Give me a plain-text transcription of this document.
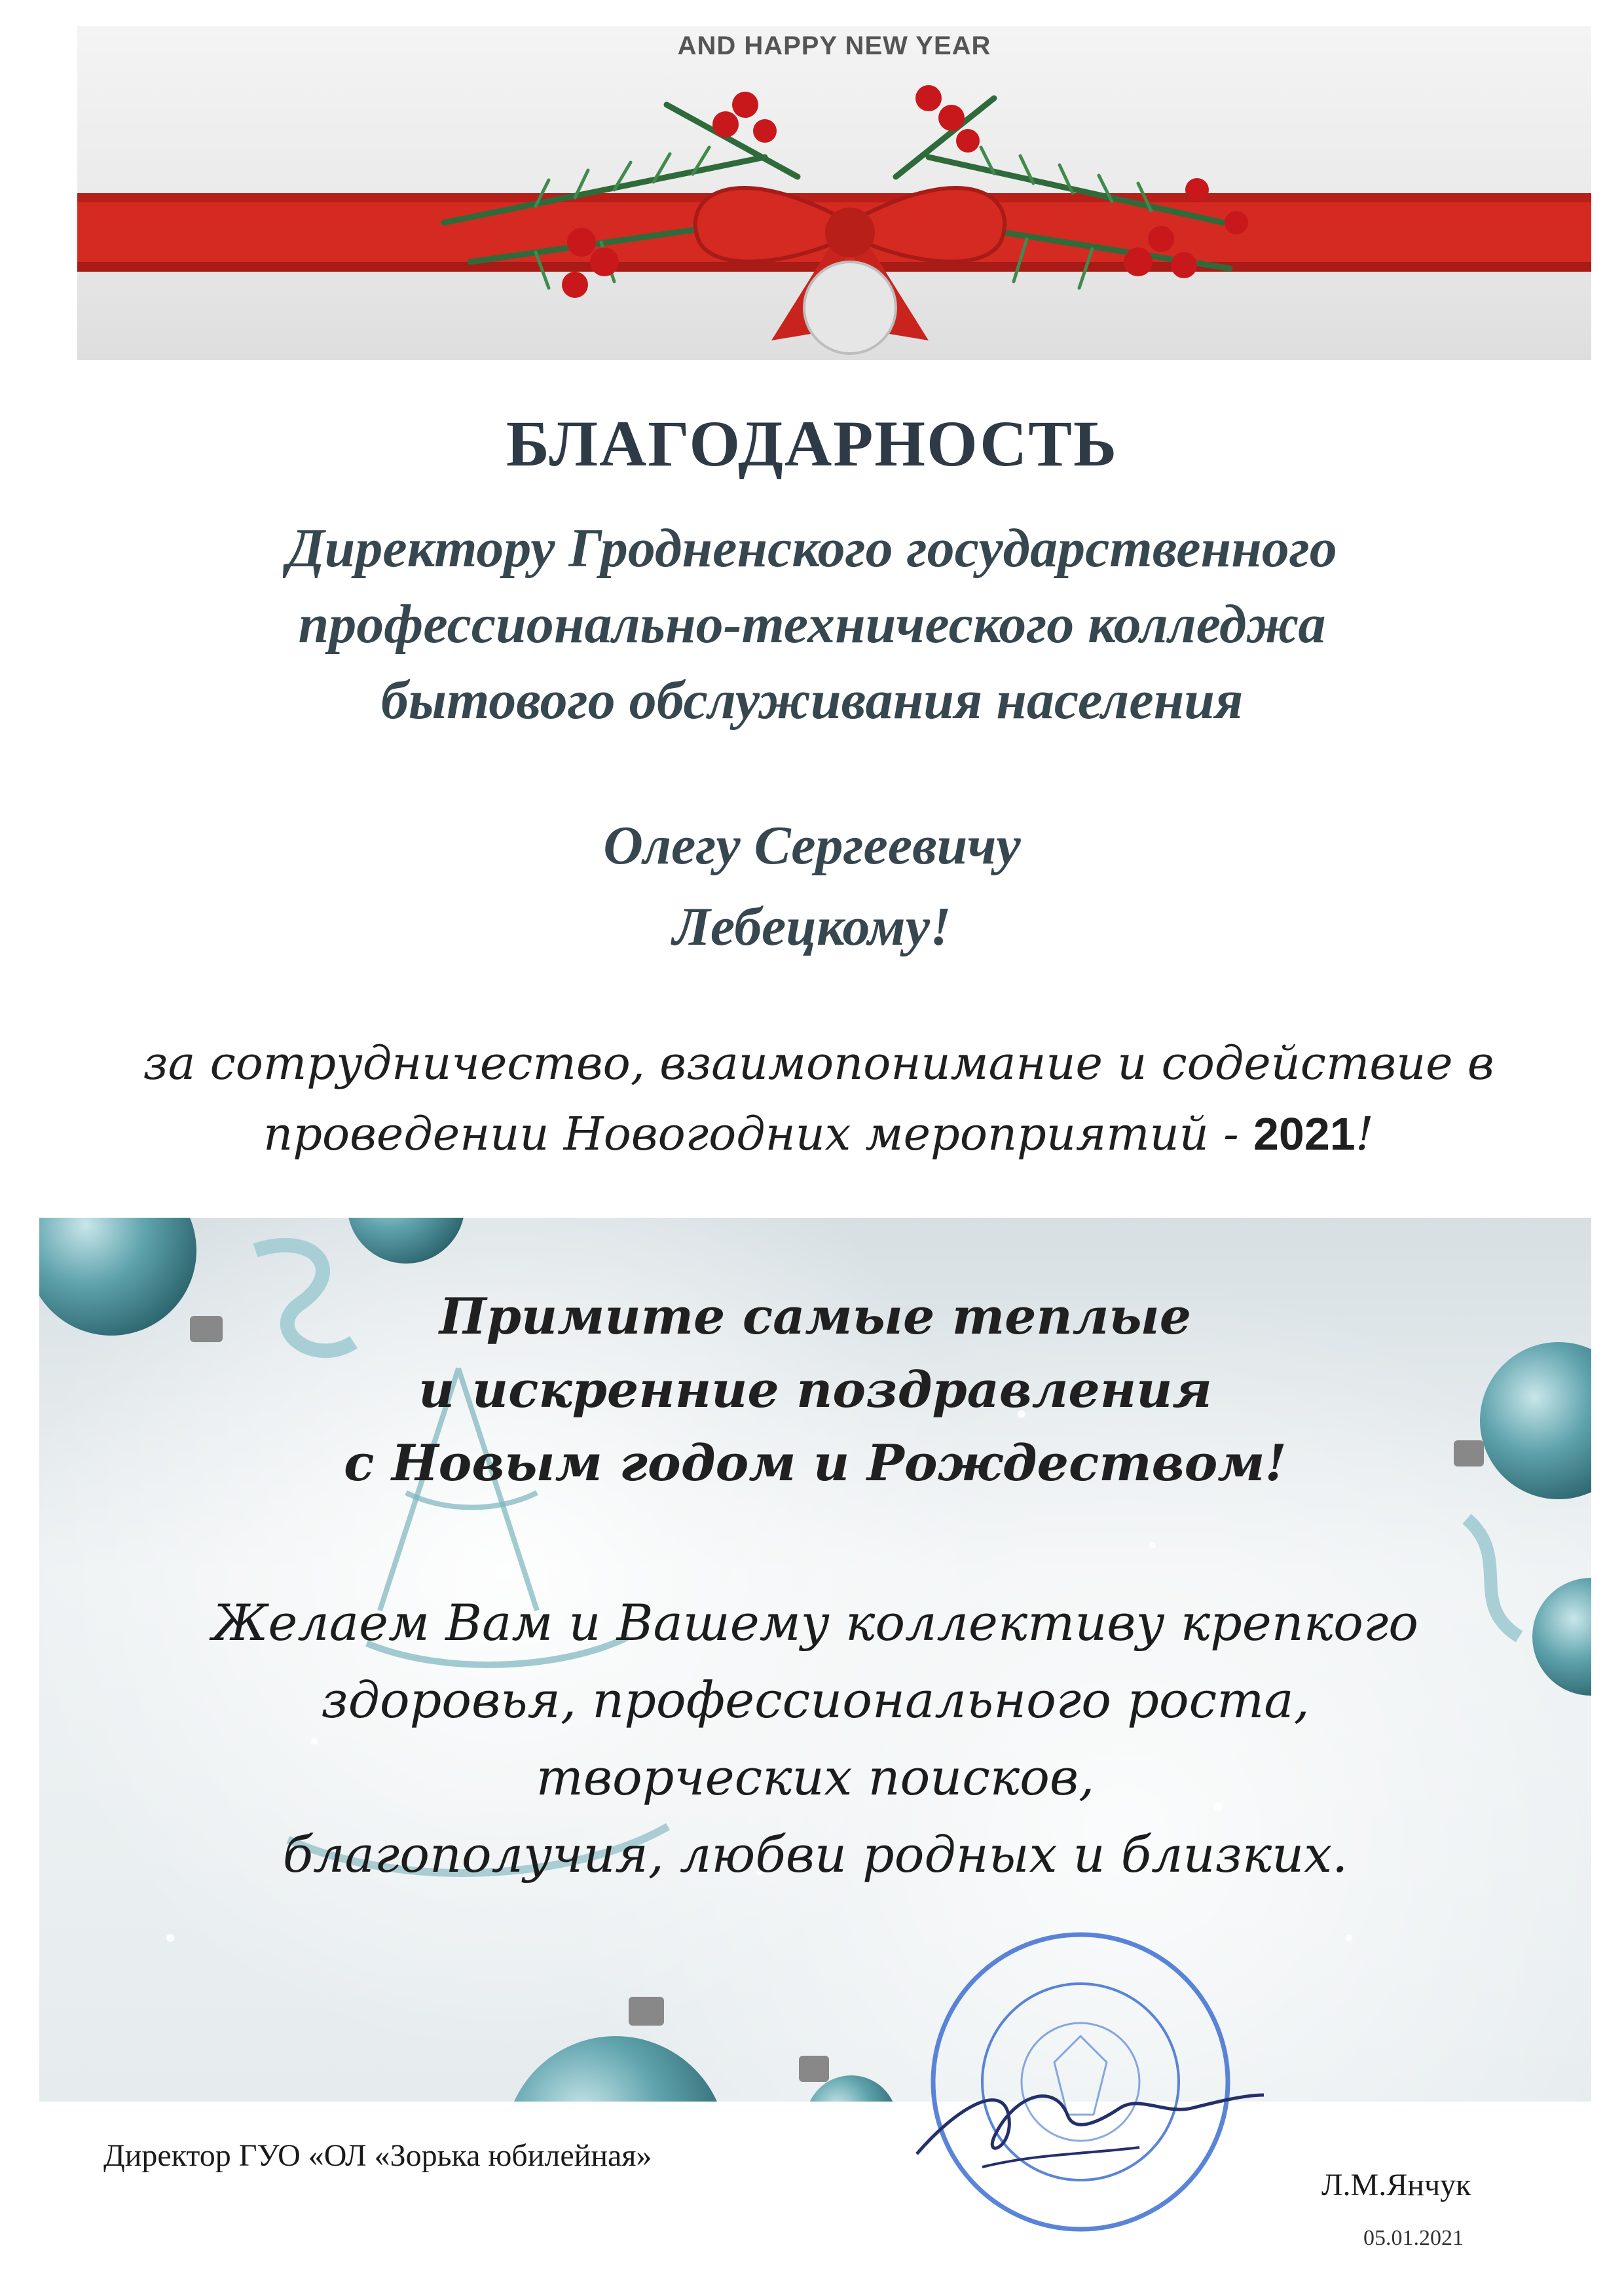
AND HAPPY NEW YEAR
БЛАГОДАРНОСТЬ
Директору Гродненского государственного
профессионально-технического колледжа
бытового обслуживания населения
Олегу Сергеевичу
Лебецкому!
за сотрудничество, взаимопонимание и содействие в
проведении Новогодних мероприятий - 2021!
Примите самые теплые
и искренние поздравления
с Новым годом и Рождеством!
Желаем Вам и Вашему коллективу крепкого
здоровья, профессионального роста,
творческих поисков,
благополучия, любви родных и близких.
Директор ГУО «ОЛ «Зорька юбилейная»
Л.М.Янчук
05.01.2021
